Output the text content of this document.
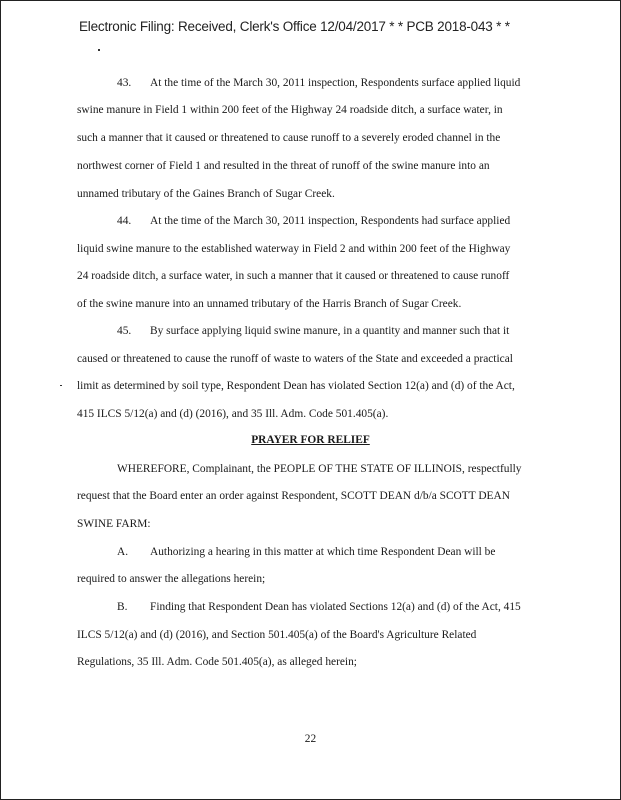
Electronic Filing: Received, Clerk's Office 12/04/2017 * * PCB 2018-043 * *
43. At the time of the March 30, 2011 inspection, Respondents surface applied liquid
swine manure in Field 1 within 200 feet of the Highway 24 roadside ditch, a surface water, in
such a manner that it caused or threatened to cause runoff to a severely eroded channel in the
northwest corner of Field 1 and resulted in the threat of runoff of the swine manure into an
unnamed tributary of the Gaines Branch of Sugar Creek.
44. At the time of the March 30, 2011 inspection, Respondents had surface applied
liquid swine manure to the established waterway in Field 2 and within 200 feet of the Highway
24 roadside ditch, a surface water, in such a manner that it caused or threatened to cause runoff
of the swine manure into an unnamed tributary of the Harris Branch of Sugar Creek.
45. By surface applying liquid swine manure, in a quantity and manner such that it
caused or threatened to cause the runoff of waste to waters of the State and exceeded a practical
limit as determined by soil type, Respondent Dean has violated Section 12(a) and (d) of the Act,
415 ILCS 5/12(a) and (d) (2016), and 35 Ill. Adm. Code 501.405(a).
PRAYER FOR RELIEF
WHEREFORE, Complainant, the PEOPLE OF THE STATE OF ILLINOIS, respectfully
request that the Board enter an order against Respondent, SCOTT DEAN d/b/a SCOTT DEAN
SWINE FARM:
A. Authorizing a hearing in this matter at which time Respondent Dean will be
required to answer the allegations herein;
B. Finding that Respondent Dean has violated Sections 12(a) and (d) of the Act, 415
ILCS 5/12(a) and (d) (2016), and Section 501.405(a) of the Board's Agriculture Related
Regulations, 35 Ill. Adm. Code 501.405(a), as alleged herein;
22
